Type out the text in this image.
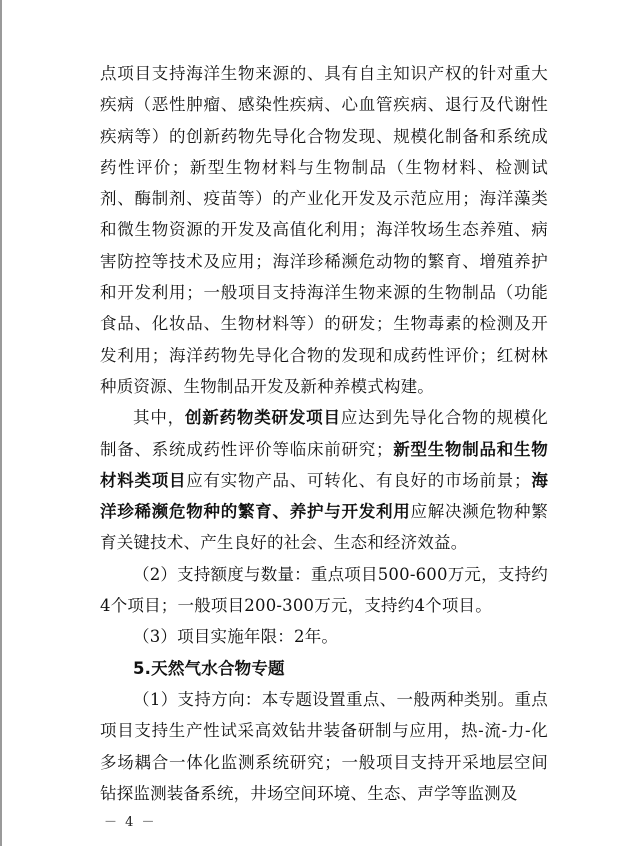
点项目支持海洋生物来源的、具有自主知识产权的针对重大疾病（恶性肿瘤、感染性疾病、心血管疾病、退行及代谢性疾病等）的创新药物先导化合物发现、规模化制备和系统成药性评价；新型生物材料与生物制品（生物材料、检测试剂、酶制剂、疫苗等）的产业化开发及示范应用；海洋藻类和微生物资源的开发及高值化利用；海洋牧场生态养殖、病害防控等技术及应用；海洋珍稀濒危动物的繁育、增殖养护和开发利用；一般项目支持海洋生物来源的生物制品（功能食品、化妆品、生物材料等）的研发；生物毒素的检测及开发利用；海洋药物先导化合物的发现和成药性评价；红树林种质资源、生物制品开发及新种养模式构建。

其中，创新药物类研发项目应达到先导化合物的规模化制备、系统成药性评价等临床前研究；新型生物制品和生物材料类项目应有实物产品、可转化、有良好的市场前景；海洋珍稀濒危物种的繁育、养护与开发利用应解决濒危物种繁育关键技术、产生良好的社会、生态和经济效益。

（2）支持额度与数量：重点项目500-600万元，支持约4个项目；一般项目200-300万元，支持约4个项目。

（3）项目实施年限：2年。

5.天然气水合物专题

（1）支持方向：本专题设置重点、一般两种类别。重点项目支持生产性试采高效钻井装备研制与应用，热-流-力-化多场耦合一体化监测系统研究；一般项目支持开采地层空间钻探监测装备系统，井场空间环境、生态、声学等监测及

－ 4 －
